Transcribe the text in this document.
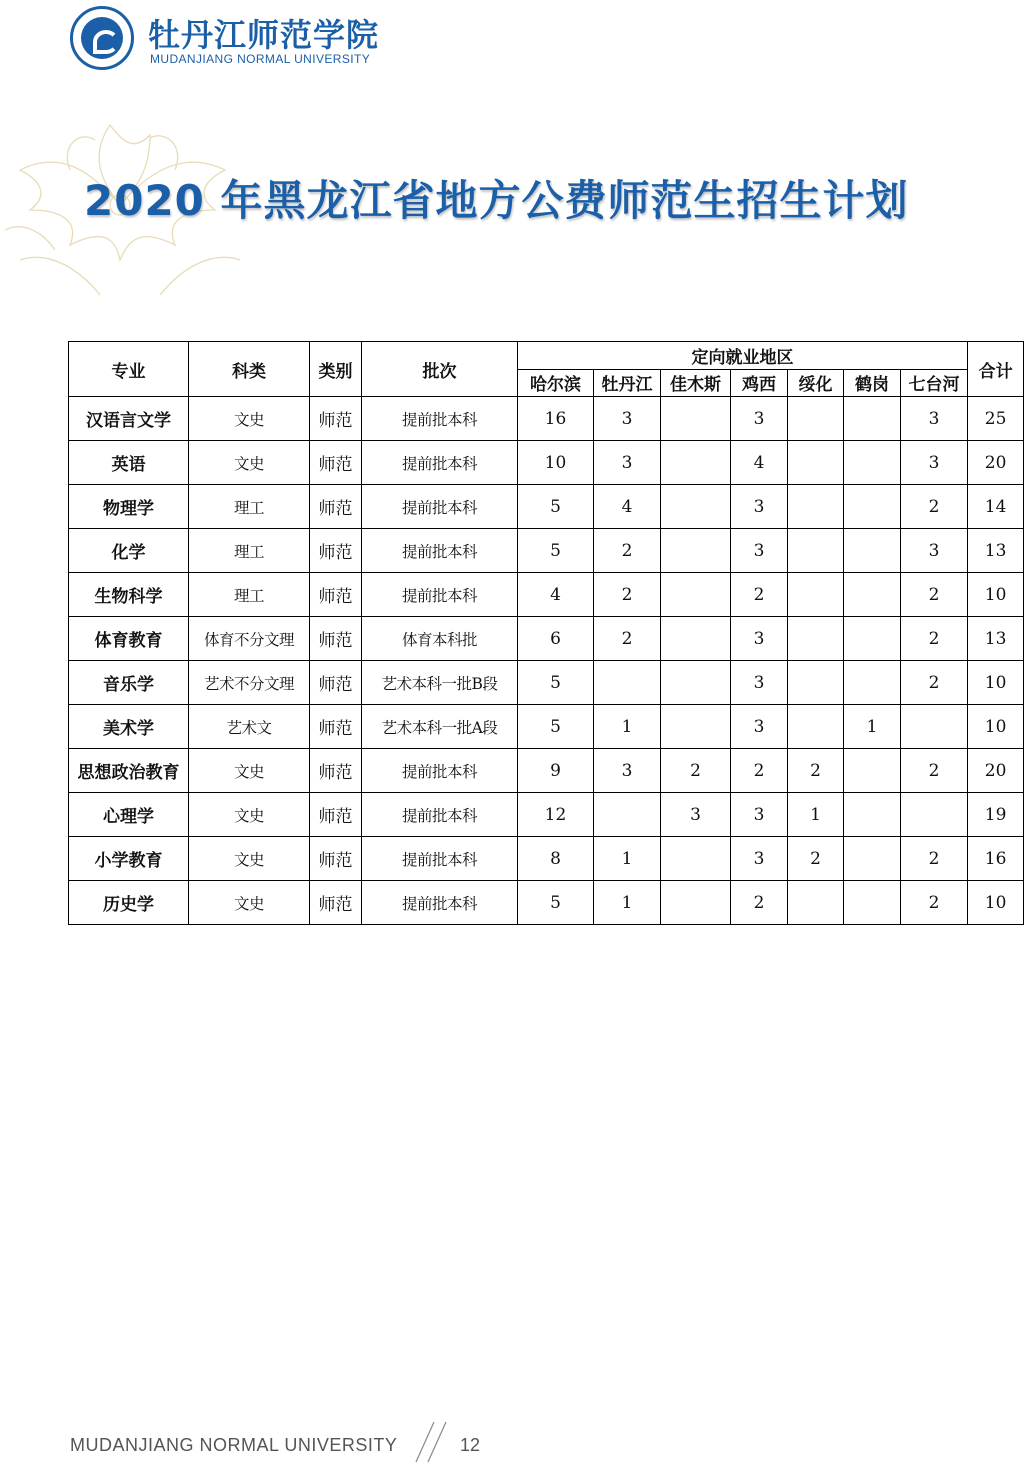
牡丹江师范学院
MUDANJIANG NORMAL UNIVERSITY
2020 年黑龙江省地方公费师范生招生计划
专业	科类	类别	批次	定向就业地区							合计
				哈尔滨	牡丹江	佳木斯	鸡西	绥化	鹤岗	七台河	
汉语言文学	文史	师范	提前批本科	16	3		3			3	25
英语	文史	师范	提前批本科	10	3		4			3	20
物理学	理工	师范	提前批本科	5	4		3			2	14
化学	理工	师范	提前批本科	5	2		3			3	13
生物科学	理工	师范	提前批本科	4	2		2			2	10
体育教育	体育不分文理	师范	体育本科批	6	2		3			2	13
音乐学	艺术不分文理	师范	艺术本科一批B段	5			3			2	10
美术学	艺术文	师范	艺术本科一批A段	5	1		3		1		10
思想政治教育	文史	师范	提前批本科	9	3	2	2	2		2	20
心理学	文史	师范	提前批本科	12		3	3	1			19
小学教育	文史	师范	提前批本科	8	1		3	2		2	16
历史学	文史	师范	提前批本科	5	1		2			2	10
MUDANJIANG NORMAL UNIVERSITY	12
